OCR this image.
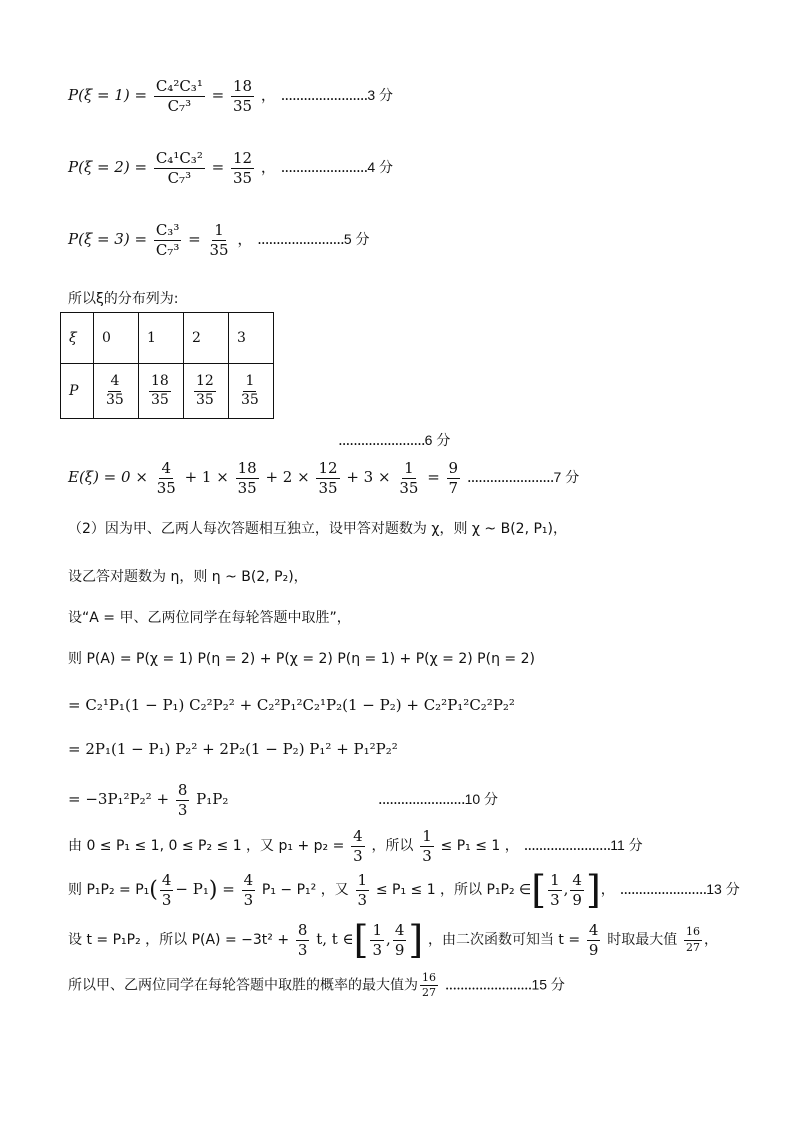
$P(\xi = 1) = \frac{\text{C₄²C₃¹}}{\text{C₇³}} = \frac{18}{35}$ ， .......................3 分
$P(\xi = 2) = \frac{\text{C₄¹C₃²}}{\text{C₇³}} = \frac{12}{35}$ ， .......................4 分
$P(\xi = 3) = \frac{\text{C₃³}}{\text{C₇³}} = \frac{1}{35}$ ， .......................5 分
所以ξ的分布列为:
ξ	0	1	2	3
P	$\frac{4}{35}$	$\frac{18}{35}$	$\frac{12}{35}$	$\frac{1}{35}$
.......................6 分
$E(\xi) = 0 \times \frac{4}{35} + 1 \times \frac{18}{35} + 2 \times \frac{12}{35} + 3 \times \frac{1}{35} = \frac{9}{7} .......................7$ 分
（2）因为甲、乙两人每次答题相互独立，设甲答对题数为 χ，则 χ ~ B(2, P₁)，
设乙答对题数为 η，则 η ~ B(2, P₂)，
设“A = 甲、乙两位同学在每轮答题中取胜”，
则 P(A) = P(χ = 1) P(η = 2) + P(χ = 2) P(η = 1) + P(χ = 2) P(η = 2)
= C₂¹P₁(1 − P₁) C₂²P₂² + C₂²P₁²C₂¹P₂(1 − P₂) + C₂²P₁²C₂²P₂²
= 2P₁(1 − P₁) P₂² + 2P₂(1 − P₂) P₁² + P₁²P₂²
= $-3P_1^2P_2^2 + \frac{8}{3} P_1P_2$	.......................10 分
由 0 ≤ P₁ ≤ 1, 0 ≤ P₂ ≤ 1 ，又 $p_1 + p_2 = \frac{4}{3}$ ，所以 $\frac{1}{3} \le P_1 \le 1$ ， .......................11 分
则 $P_1P_2 = P_1( \frac{4}{3} - P_1) = \frac{4}{3} P_1 - P_1^2$ ，又 $\frac{1}{3} \le P_1 \le 1$ ，所以 P₁P₂ ∈[ $\frac{1}{3}$ , $\frac{4}{9}$ ]， .......................13 分
设 t = P₁P₂ ，所以 $P(A) = -3t^2 + \frac{8}{3} t$, t ∈[ $\frac{1}{3}$ , $\frac{4}{9}$ ] ，由二次函数可知当 $t = \frac{4}{9}$ 时取最大值 $\frac{16}{27}$ ，
所以甲、乙两位同学在每轮答题中取胜的概率的最大值为 $\frac{16}{27} .......................15$ 分
